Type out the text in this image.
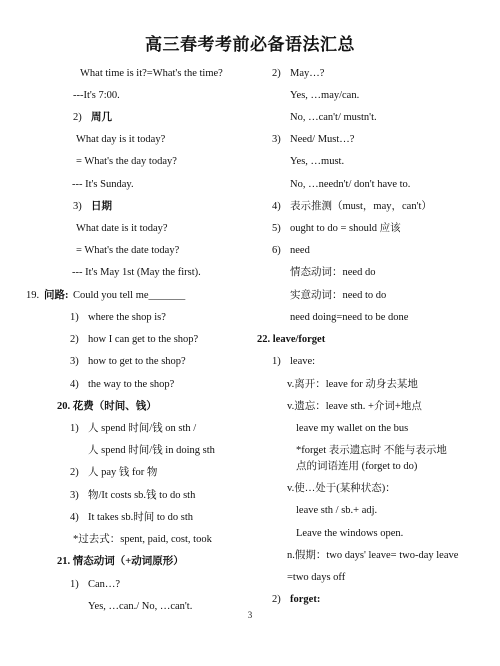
高三春考考前必备语法汇总
3
What time is it?=What's the time?
---It's 7:00.
2) 周几
What day is it today?
= What's the day today?
--- It's Sunday.
3) 日期
What date is it today?
= What's the date today?
--- It's May 1st (May the first).
19. 问路: Could you tell me_______
1) where the shop is?
2) how I can get to the shop?
3) how to get to the shop?
4) the way to the shop?
20. 花费（时间、钱）
1) 人 spend 时间/钱 on sth /
人 spend 时间/钱 in doing sth
2) 人 pay 钱 for 物
3) 物/It costs sb.钱 to do sth
4) It takes sb.时间 to do sth
*过去式：spent, paid, cost, took
21. 情态动词（+动词原形）
1) Can…?
Yes, …can./ No, …can't.
2) May…?
Yes, …may/can.
No, …can't/ mustn't.
3) Need/ Must…?
Yes, …must.
No, …needn't/ don't have to.
4) 表示推测（must，may，can't）
5) ought to do = should 应该
6) need
情态动词：need do
实意动词：need to do
need doing=need to be done
22. leave/forget
1) leave:
v.离开：leave for 动身去某地
v.遗忘：leave sth. +介词+地点
leave my wallet on the bus
*forget 表示遗忘时 不能与表示地
点的词语连用 (forget to do)
v.使…处于(某种状态)：
leave sth / sb.+ adj.
Leave the windows open.
n.假期：two days' leave= two-day leave
=two days off
2) forget:
